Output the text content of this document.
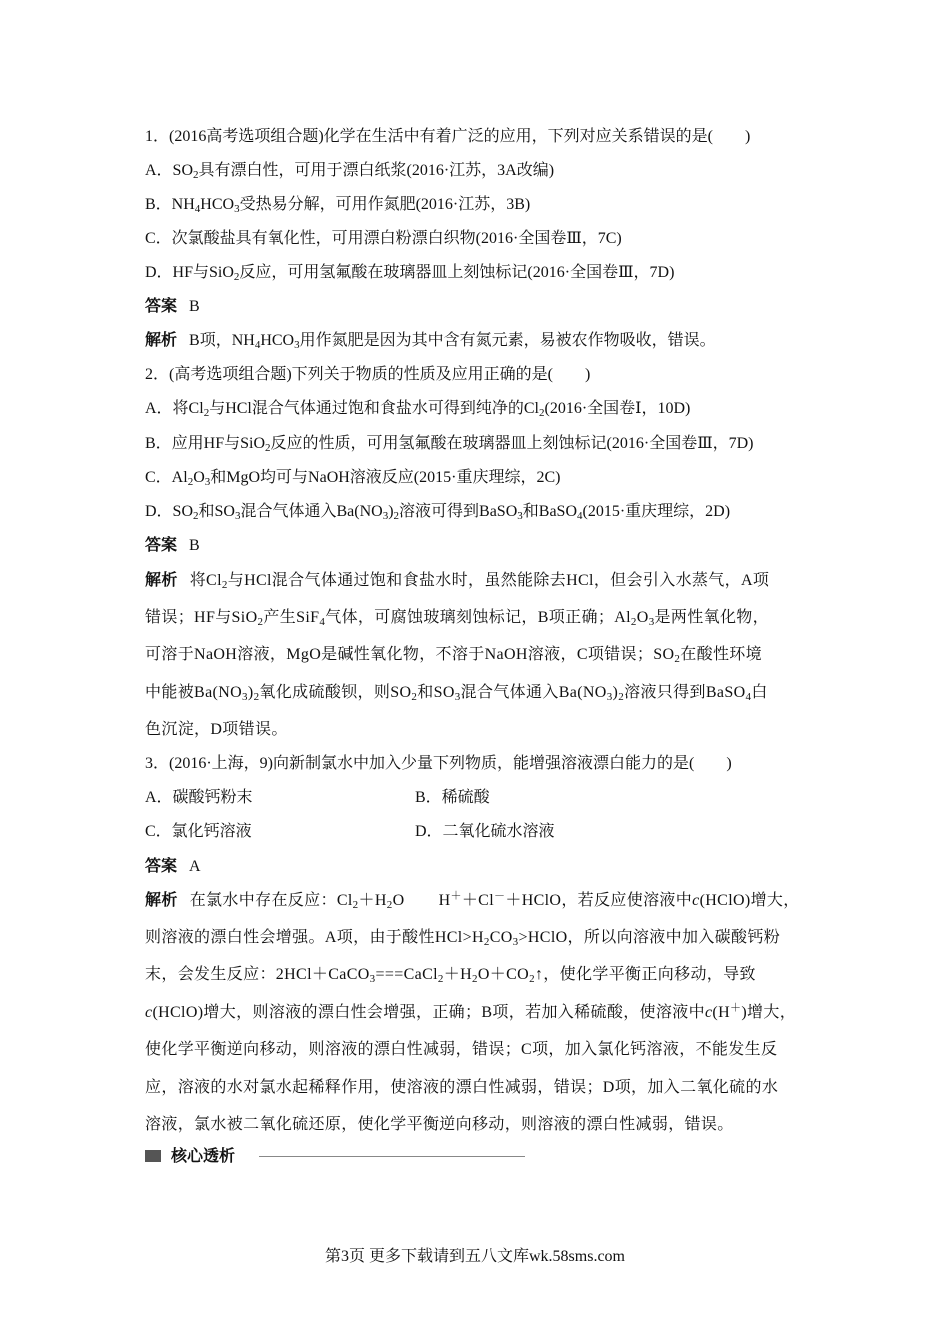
1．(2016高考选项组合题)化学在生活中有着广泛的应用，下列对应关系错误的是(　　)
A．$SO_2$具有漂白性，可用于漂白纸浆(2016·江苏，3A改编)
B．$NH_4HCO_3$受热易分解，可用作氮肥(2016·江苏，3B)
C．次氯酸盐具有氧化性，可用漂白粉漂白织物(2016·全国卷Ⅲ，7C)
D．HF与SiO$_2$反应，可用氢氟酸在玻璃器皿上刻蚀标记(2016·全国卷Ⅲ，7D)
答案 B
解析 B项，$NH_4HCO_3$用作氮肥是因为其中含有氮元素，易被农作物吸收，错误。
2．(高考选项组合题)下列关于物质的性质及应用正确的是(　　)
A．将$Cl_2$与HCl混合气体通过饱和食盐水可得到纯净的$Cl_2(2016\cdot$全国卷Ⅰ，10D)
B．应用HF与SiO$_2$反应的性质，可用氢氟酸在玻璃器皿上刻蚀标记(2016·全国卷Ⅲ，7D)
C．$Al_2O_3$和MgO均可与NaOH溶液反应(2015·重庆理综，2C)
D．$SO_2$和$SO_3$混合气体通入$Ba(NO_3)_2$溶液可得到BaSO$_3$和BaSO$_4$(2015·重庆理综，2D)
答案 B
解析 将$Cl_2$与HCl混合气体通过饱和食盐水时，虽然能除去HCl，但会引入水蒸气，A项
错误；HF与SiO$_2$产生SiF$_4$气体，可腐蚀玻璃刻蚀标记，B项正确；$Al_2O_3$是两性氧化物，
可溶于NaOH溶液，MgO是碱性氧化物，不溶于NaOH溶液，C项错误；$SO_2$在酸性环境
中能被$Ba(NO_3)_2$氧化成硫酸钡，则$SO_2$和$SO_3$混合气体通入$Ba(NO_3)_2$溶液只得到BaSO$_4$白
色沉淀，D项错误。
3．(2016·上海，9)向新制氯水中加入少量下列物质，能增强溶液漂白能力的是(　　)
A．碳酸钙粉末	B．稀硫酸
C．氯化钙溶液	D．二氧化硫水溶液
答案 A
解析 在氯水中存在反应：$Cl_2+H_2O$ H＋＋Cl－＋HClO，若反应使溶液中c(HClO)增大，
则溶液的漂白性会增强。A项，由于酸性$HCl>H_2CO_3>HClO$，所以向溶液中加入碳酸钙粉
末，会发生反应：$2HCl+CaCO_3===CaCl_2+H_2O+CO_2↑$，使化学平衡正向移动，导致
c(HClO)增大，则溶液的漂白性会增强，正确；B项，若加入稀硫酸，使溶液中c(H＋)增大，
使化学平衡逆向移动，则溶液的漂白性减弱，错误；C项，加入氯化钙溶液，不能发生反
应，溶液的水对氯水起稀释作用，使溶液的漂白性减弱，错误；D项，加入二氧化硫的水
溶液，氯水被二氧化硫还原，使化学平衡逆向移动，则溶液的漂白性减弱，错误。
核心透析
第3页 更多下载请到五八文库wk.58sms.com
